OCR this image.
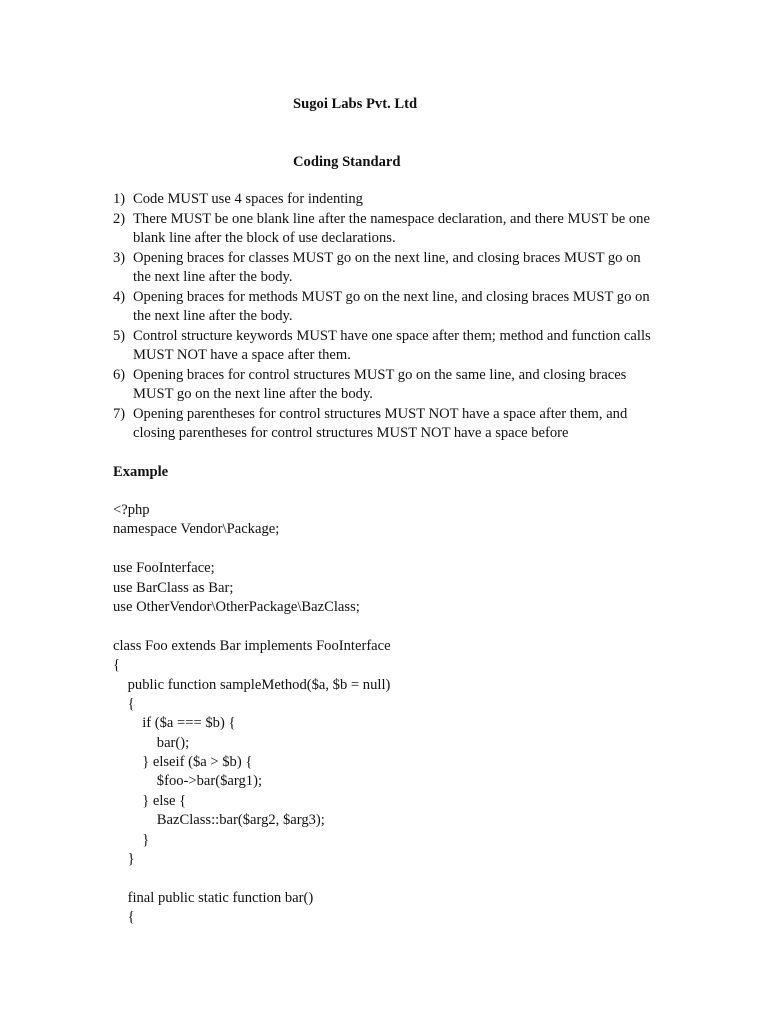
Sugoi Labs Pvt. Ltd
Coding Standard
1) Code MUST use 4 spaces for indenting
2) There MUST be one blank line after the namespace declaration, and there MUST be one blank line after the block of use declarations.
3) Opening braces for classes MUST go on the next line, and closing braces MUST go on the next line after the body.
4) Opening braces for methods MUST go on the next line, and closing braces MUST go on the next line after the body.
5) Control structure keywords MUST have one space after them; method and function calls MUST NOT have a space after them.
6) Opening braces for control structures MUST go on the same line, and closing braces MUST go on the next line after the body.
7) Opening parentheses for control structures MUST NOT have a space after them, and closing parentheses for control structures MUST NOT have a space before
Example
<?php
namespace Vendor\Package;
use FooInterface;
use BarClass as Bar;
use OtherVendor\OtherPackage\BazClass;
class Foo extends Bar implements FooInterface
{
public function sampleMethod($a, $b = null)
{
if ($a === $b) {
bar();
} elseif ($a > $b) {
$foo->bar($arg1);
} else {
BazClass::bar($arg2, $arg3);
}
}
final public static function bar()
{
